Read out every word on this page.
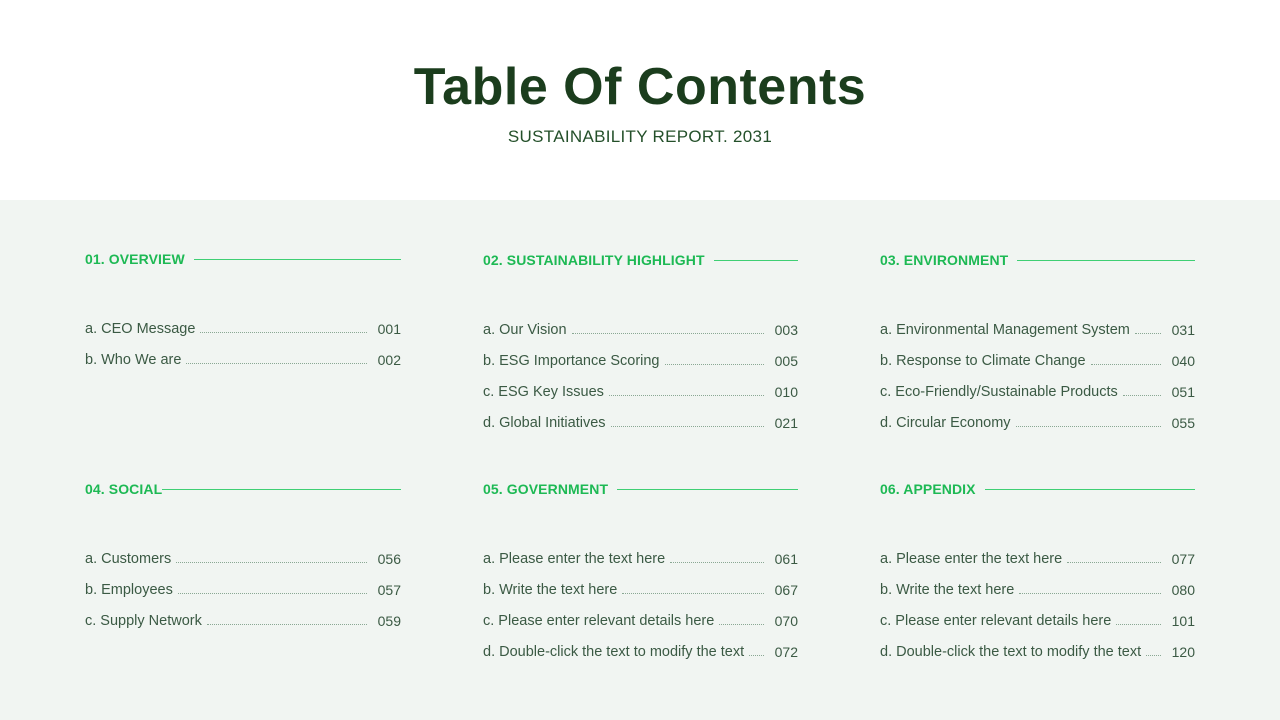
Table Of Contents
SUSTAINABILITY REPORT. 2031
01. OVERVIEW
a. CEO Message	001
b. Who We are	002
02. SUSTAINABILITY HIGHLIGHT
a. Our Vision	003
b. ESG Importance Scoring	005
c. ESG Key Issues	010
d. Global Initiatives	021
03. ENVIRONMENT
a. Environmental Management System	031
b. Response to Climate Change	040
c. Eco-Friendly/Sustainable Products	051
d. Circular Economy	055
04. SOCIAL
a. Customers	056
b. Employees	057
c. Supply Network	059
05. GOVERNMENT
a. Please enter the text here	061
b. Write the text here	067
c. Please enter relevant details here	070
d. Double-click the text to modify the text 072
06. APPENDIX
a. Please enter the text here	077
b. Write the text here	080
c. Please enter relevant details here	101
d. Double-click the text to modify the text 120
